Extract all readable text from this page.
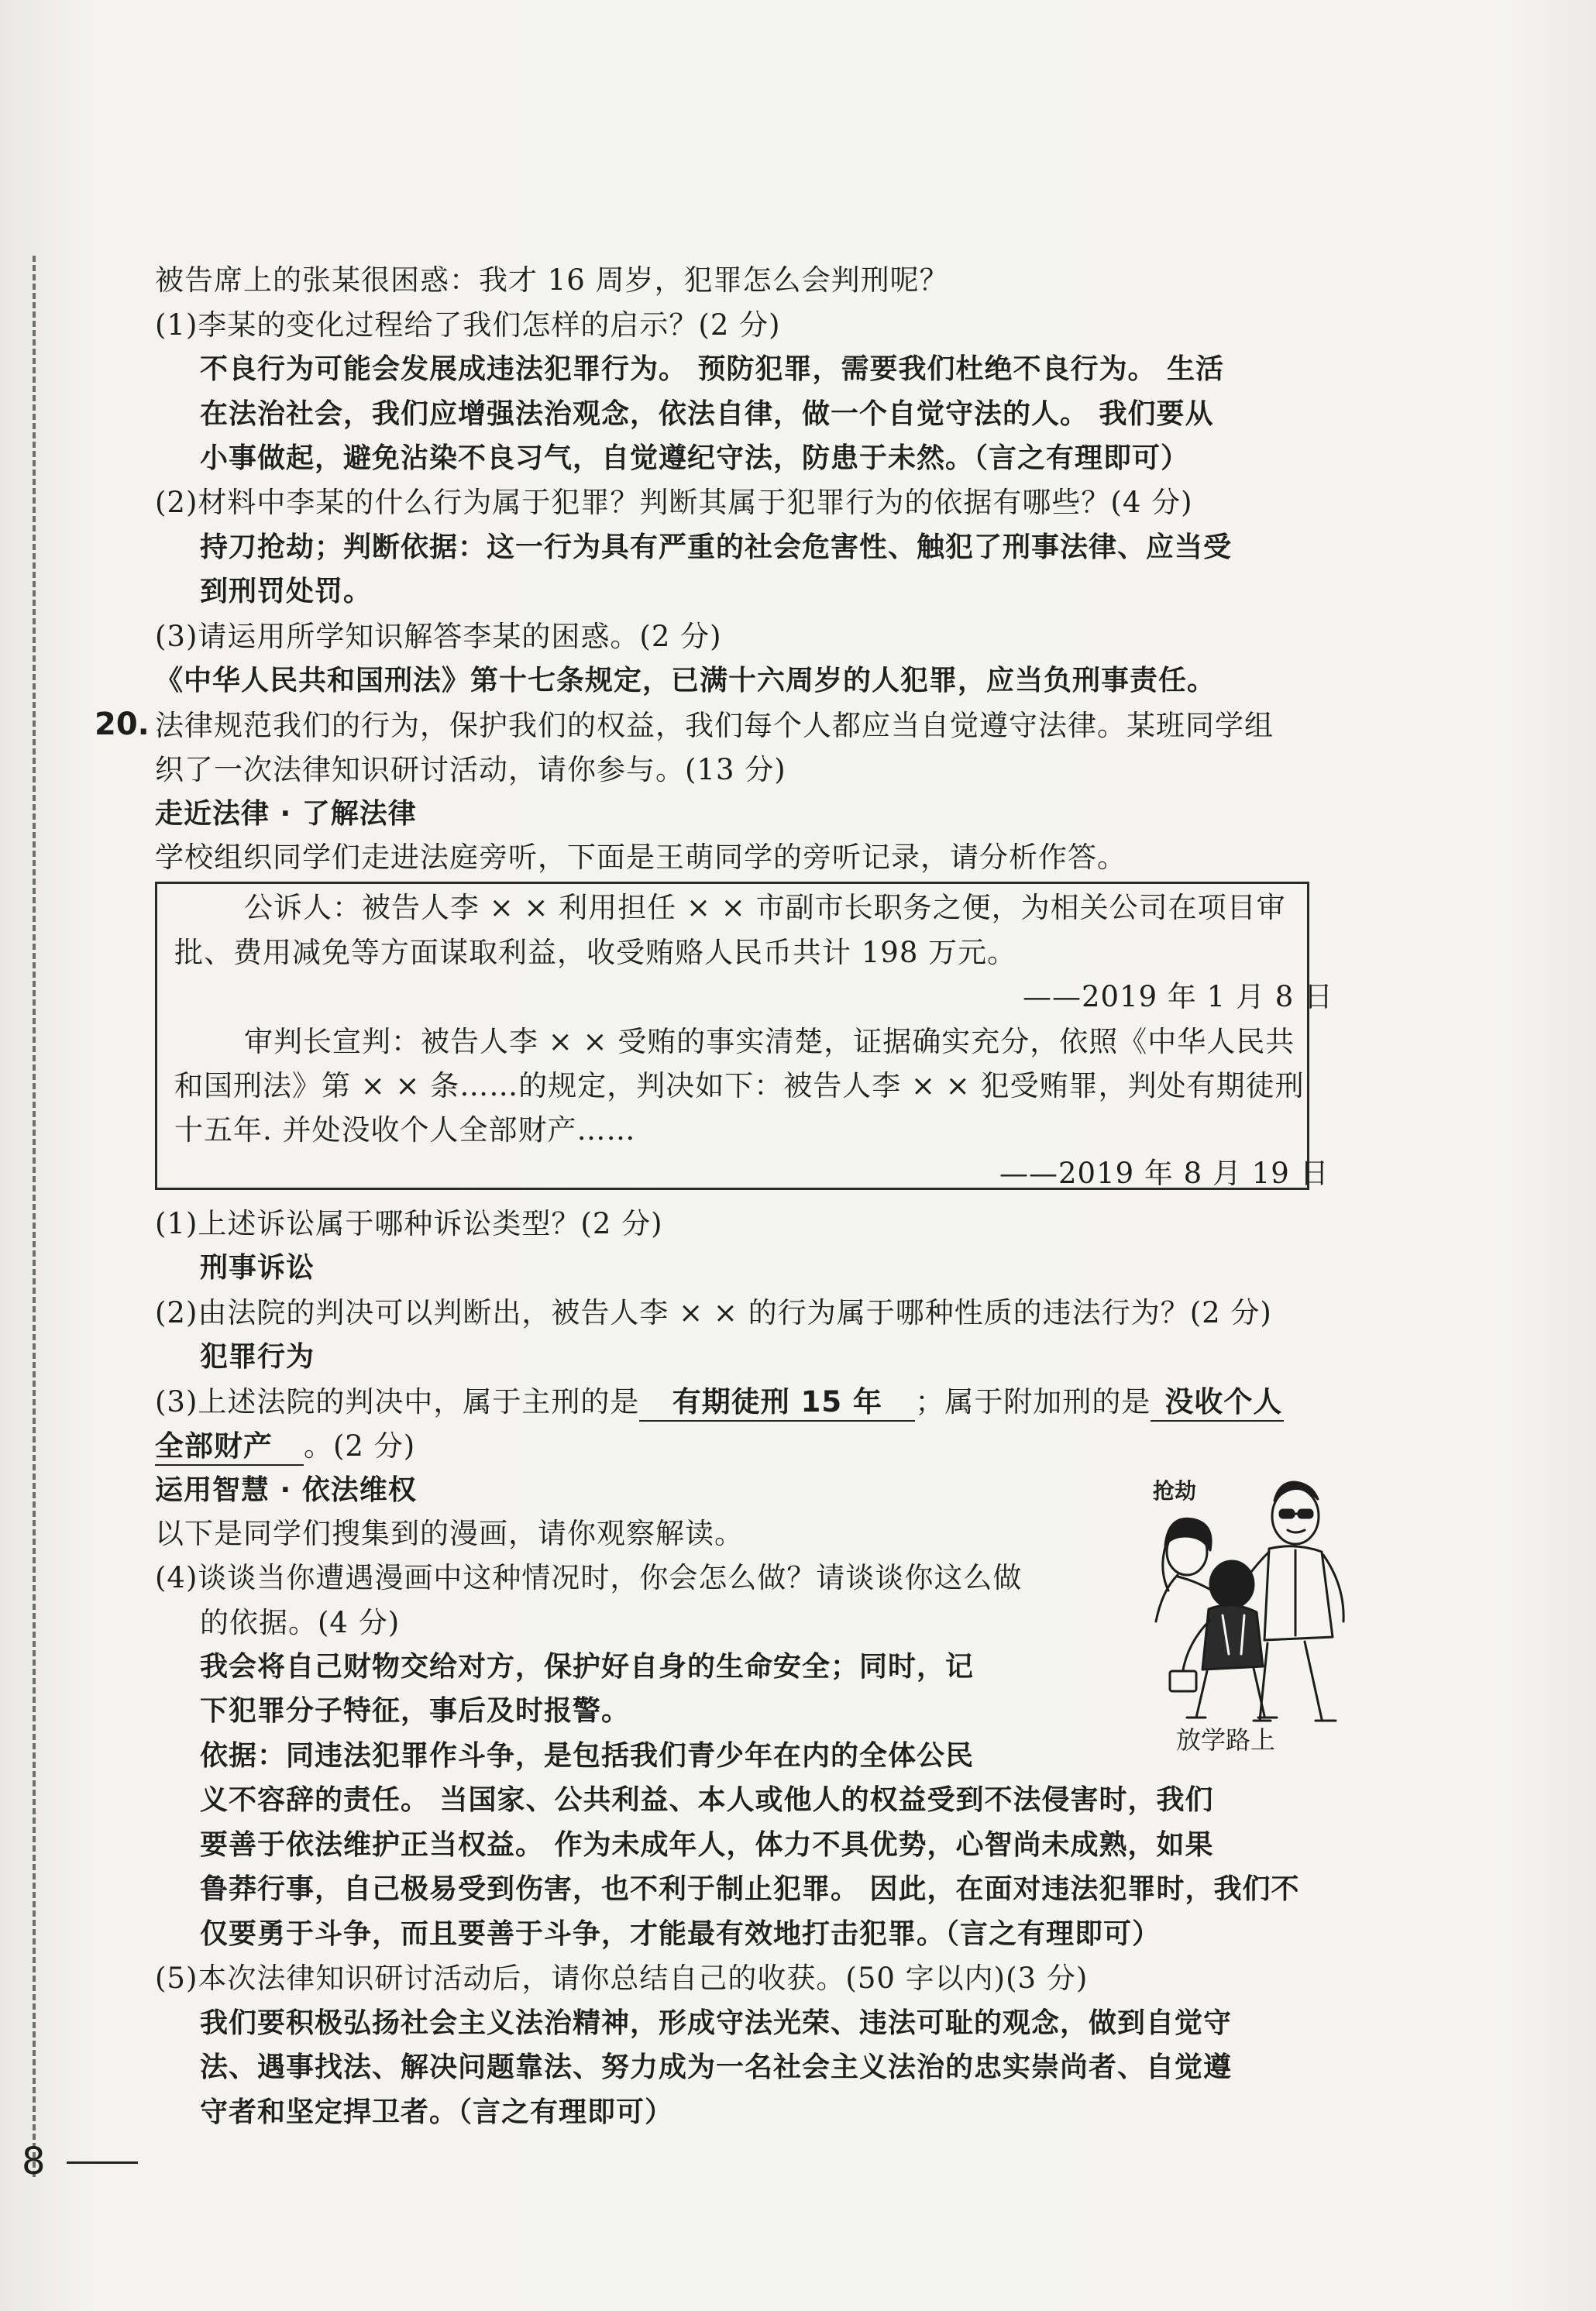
被告席上的张某很困惑：我才 16 周岁，犯罪怎么会判刑呢？
(1)李某的变化过程给了我们怎样的启示？(2 分)
不良行为可能会发展成违法犯罪行为。 预防犯罪，需要我们杜绝不良行为。 生活
在法治社会，我们应增强法治观念，依法自律，做一个自觉守法的人。 我们要从
小事做起，避免沾染不良习气，自觉遵纪守法，防患于未然。（言之有理即可）
(2)材料中李某的什么行为属于犯罪？判断其属于犯罪行为的依据有哪些？(4 分)
持刀抢劫；判断依据：这一行为具有严重的社会危害性、触犯了刑事法律、应当受
到刑罚处罚。
(3)请运用所学知识解答李某的困惑。(2 分)
《中华人民共和国刑法》第十七条规定，已满十六周岁的人犯罪，应当负刑事责任。
20. 法律规范我们的行为，保护我们的权益，我们每个人都应当自觉遵守法律。某班同学组
织了一次法律知识研讨活动，请你参与。(13 分)
走近法律 · 了解法律
学校组织同学们走进法庭旁听，下面是王萌同学的旁听记录，请分析作答。
公诉人：被告人李 × × 利用担任 × × 市副市长职务之便，为相关公司在项目审
批、费用减免等方面谋取利益，收受贿赂人民币共计 198 万元。
——2019 年 1 月 8 日
审判长宣判：被告人李 × × 受贿的事实清楚，证据确实充分，依照《中华人民共
和国刑法》第 × × 条……的规定，判决如下：被告人李 × × 犯受贿罪，判处有期徒刑
十五年. 并处没收个人全部财产……
——2019 年 8 月 19 日
(1)上述诉讼属于哪种诉讼类型？(2 分)
刑事诉讼
(2)由法院的判决可以判断出，被告人李 × × 的行为属于哪种性质的违法行为？(2 分)
犯罪行为
(3)上述法院的判决中，属于主刑的是 有期徒刑 15 年 ；属于附加刑的是 没收个人
全部财产 。(2 分)
运用智慧 · 依法维权
以下是同学们搜集到的漫画，请你观察解读。
(4)谈谈当你遭遇漫画中这种情况时，你会怎么做？请谈谈你这么做
的依据。(4 分)
我会将自己财物交给对方，保护好自身的生命安全；同时，记
下犯罪分子特征，事后及时报警。
依据：同违法犯罪作斗争，是包括我们青少年在内的全体公民
义不容辞的责任。 当国家、公共利益、本人或他人的权益受到不法侵害时，我们
要善于依法维护正当权益。 作为未成年人，体力不具优势，心智尚未成熟，如果
鲁莽行事，自己极易受到伤害，也不利于制止犯罪。 因此，在面对违法犯罪时，我们不
仅要勇于斗争，而且要善于斗争，才能最有效地打击犯罪。（言之有理即可）
(5)本次法律知识研讨活动后，请你总结自己的收获。(50 字以内)(3 分)
我们要积极弘扬社会主义法治精神，形成守法光荣、违法可耻的观念，做到自觉守
法、遇事找法、解决问题靠法、努力成为一名社会主义法治的忠实崇尚者、自觉遵
守者和坚定捍卫者。（言之有理即可）
抢劫
放学路上
8
